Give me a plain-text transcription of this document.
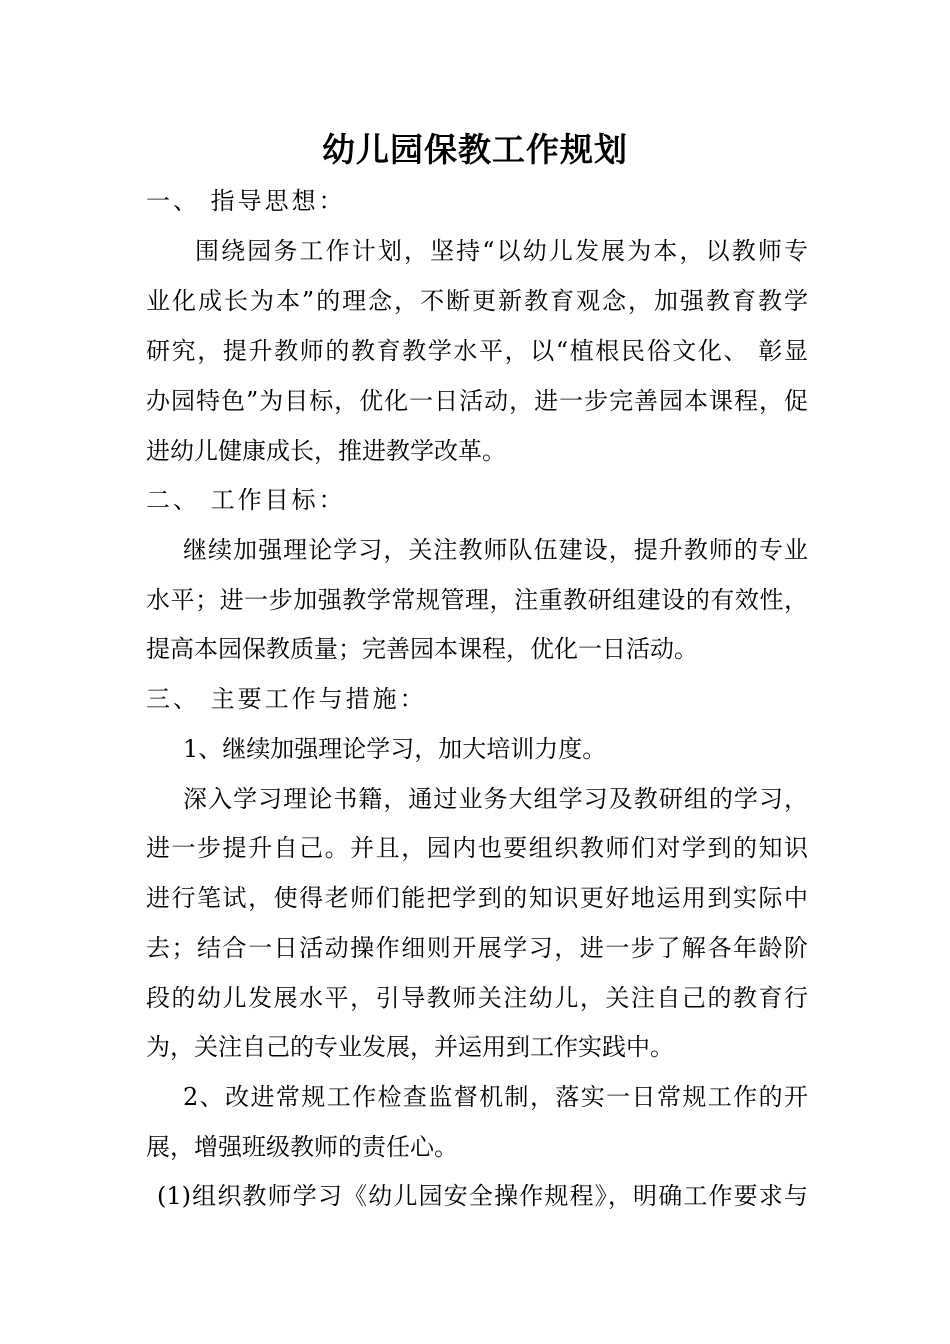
幼儿园保教工作规划
一、 指导思想：
围绕园务工作计划，坚持“以幼儿发展为本，以教师专
业化成长为本”的理念，不断更新教育观念，加强教育教学
研究，提升教师的教育教学水平，以“植根民俗文化、 彰显
办园特色”为目标，优化一日活动，进一步完善园本课程，促
进幼儿健康成长，推进教学改革。
二、 工作目标：
继续加强理论学习，关注教师队伍建设，提升教师的专业
水平；进一步加强教学常规管理，注重教研组建设的有效性，
提高本园保教质量；完善园本课程，优化一日活动。
三、 主要工作与措施：
1、继续加强理论学习，加大培训力度。
深入学习理论书籍，通过业务大组学习及教研组的学习，
进一步提升自己。并且，园内也要组织教师们对学到的知识
进行笔试，使得老师们能把学到的知识更好地运用到实际中
去；结合一日活动操作细则开展学习，进一步了解各年龄阶
段的幼儿发展水平，引导教师关注幼儿，关注自己的教育行
为，关注自己的专业发展，并运用到工作实践中。
2、改进常规工作检查监督机制，落实一日常规工作的开
展，增强班级教师的责任心。
(1)组织教师学习《幼儿园安全操作规程》，明确工作要求与
